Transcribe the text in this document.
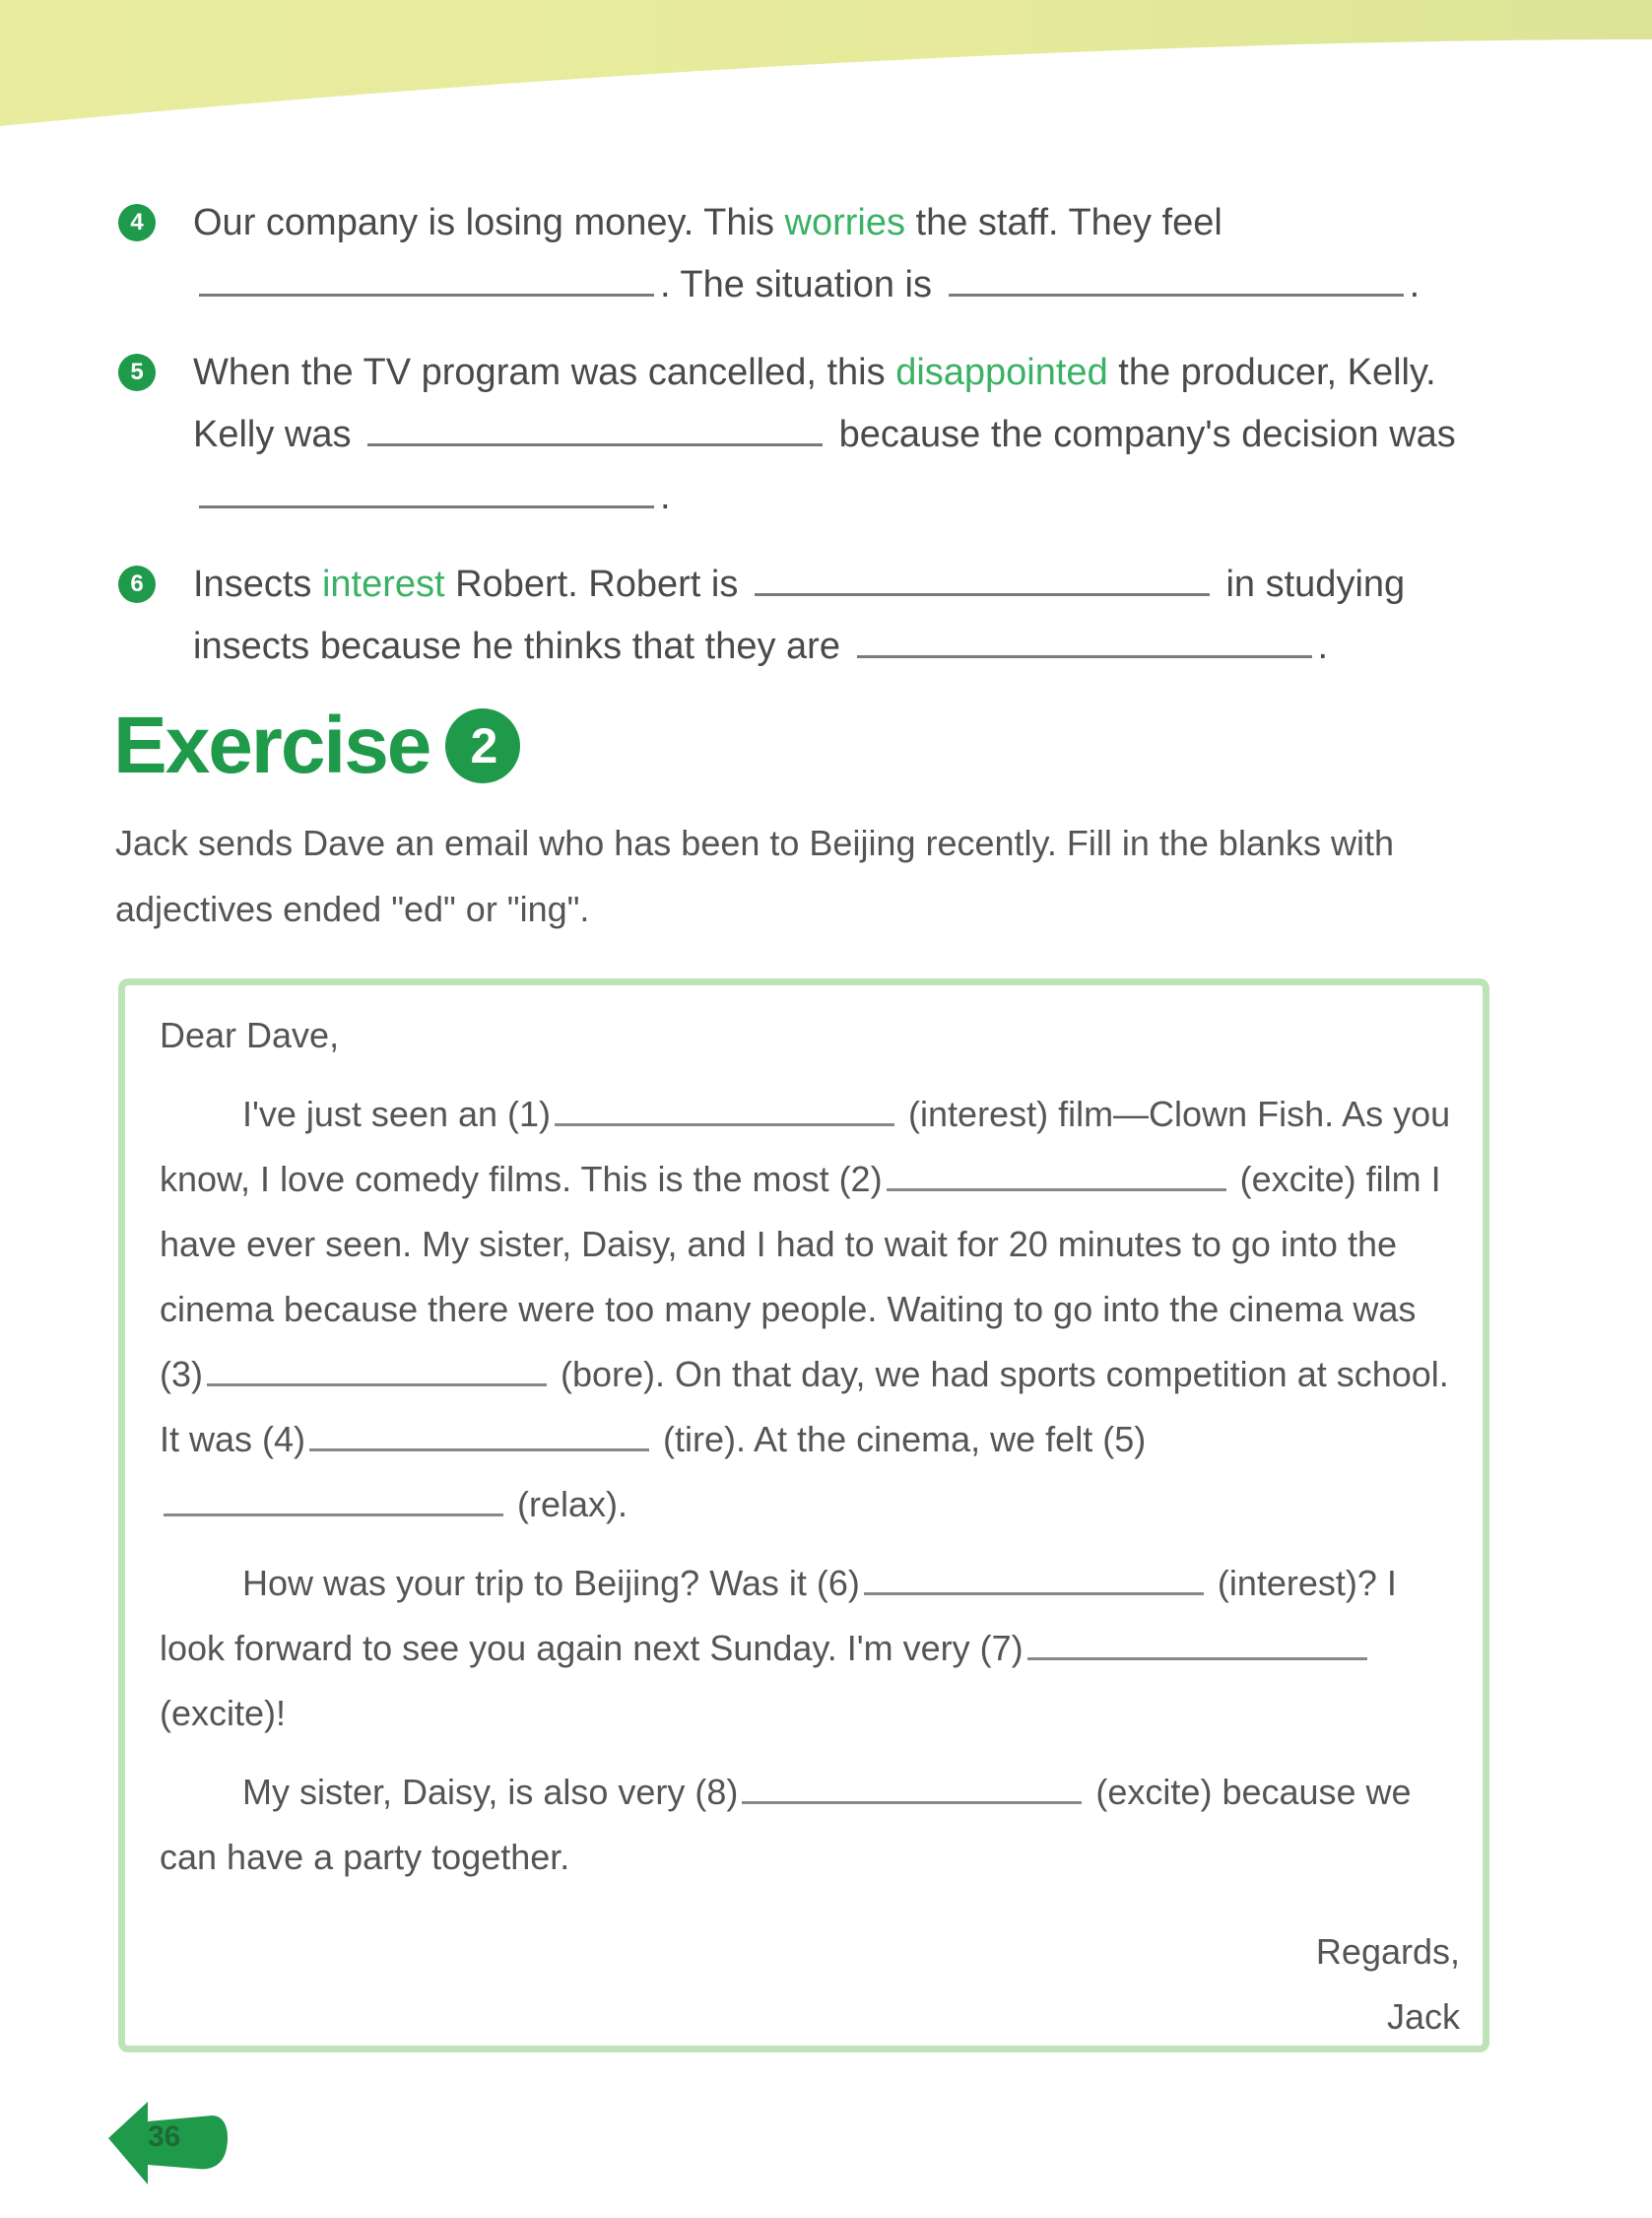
4	Our company is losing money. This worries the staff. They feel
. The situation is	.
5	When the TV program was cancelled, this disappointed the producer, Kelly. Kelly was	because the company's decision was .
6	Insects interest Robert. Robert is	in studying insects because he thinks that they are	.
Exercise 2

Jack sends Dave an email who has been to Beijing recently. Fill in the blanks with adjectives ended "ed" or "ing".

Dear Dave,

I've just seen an (1)	(interest) film—Clown Fish. As you know, I love comedy films. This is the most (2)	(excite) film I have ever seen. My sister, Daisy, and I had to wait for 20 minutes to go into the cinema because there were too many people. Waiting to go into the cinema was (3)	(bore). On that day, we had sports competition at school. It was (4)	(tire). At the cinema, we felt (5) (relax).

How was your trip to Beijing? Was it (6)	(interest)? I look forward to see you again next Sunday. I'm very (7) (excite)!

My sister, Daisy, is also very (8)	(excite) because we can have a party together.

Regards,
Jack
36
